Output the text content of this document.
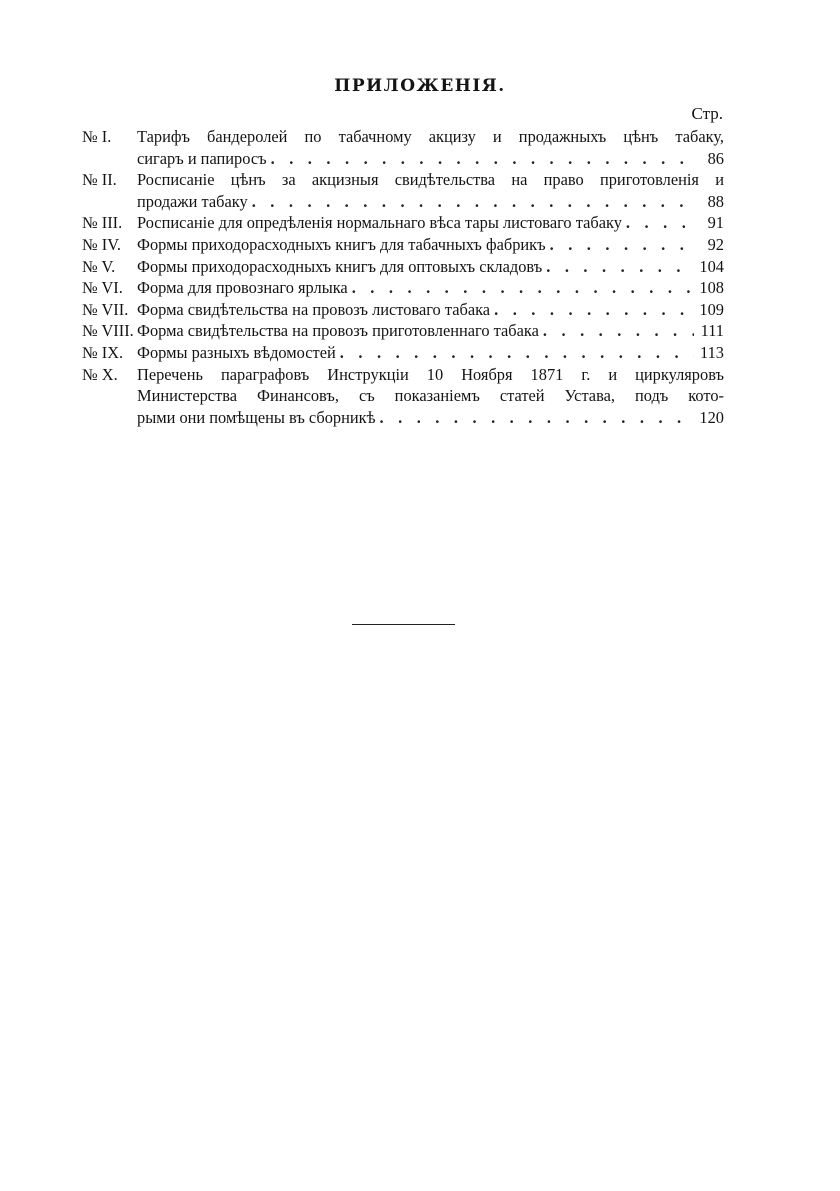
ПРИЛОЖЕНІЯ.
Стр.
№ I.	Тарифъ бандеролей по табачному акцизу и продажныхъ цѣнъ табаку,
сигаръ и папиросъ . . .	86
№ II.	Росписаніе цѣнъ за акцизныя свидѣтельства на право приготовленія и
продажи табаку . . .	88
№ III. Росписаніе для опредѣленія нормальнаго вѣса тары листоваго табаку . . .	91
№ IV. Формы приходорасходныхъ книгъ для табачныхъ фабрикъ . . .	92
№ V.	Формы приходорасходныхъ книгъ для оптовыхъ складовъ . . .	104
№ VI. Форма для провознаго ярлыка . . .	108
№ VII. Форма свидѣтельства на провозъ листоваго табака . . .	109
№ VIII. Форма свидѣтельства на провозъ приготовленнаго табака . . .	111
№ IX. Формы разныхъ вѣдомостей . . .	113
№ X.	Перечень параграфовъ Инструкціи 10 Ноября 1871 г. и циркуляровъ
Министерства Финансовъ, съ показаніемъ статей Устава, подъ кото-
рыми они помѣщены въ сборникѣ . . .	120
